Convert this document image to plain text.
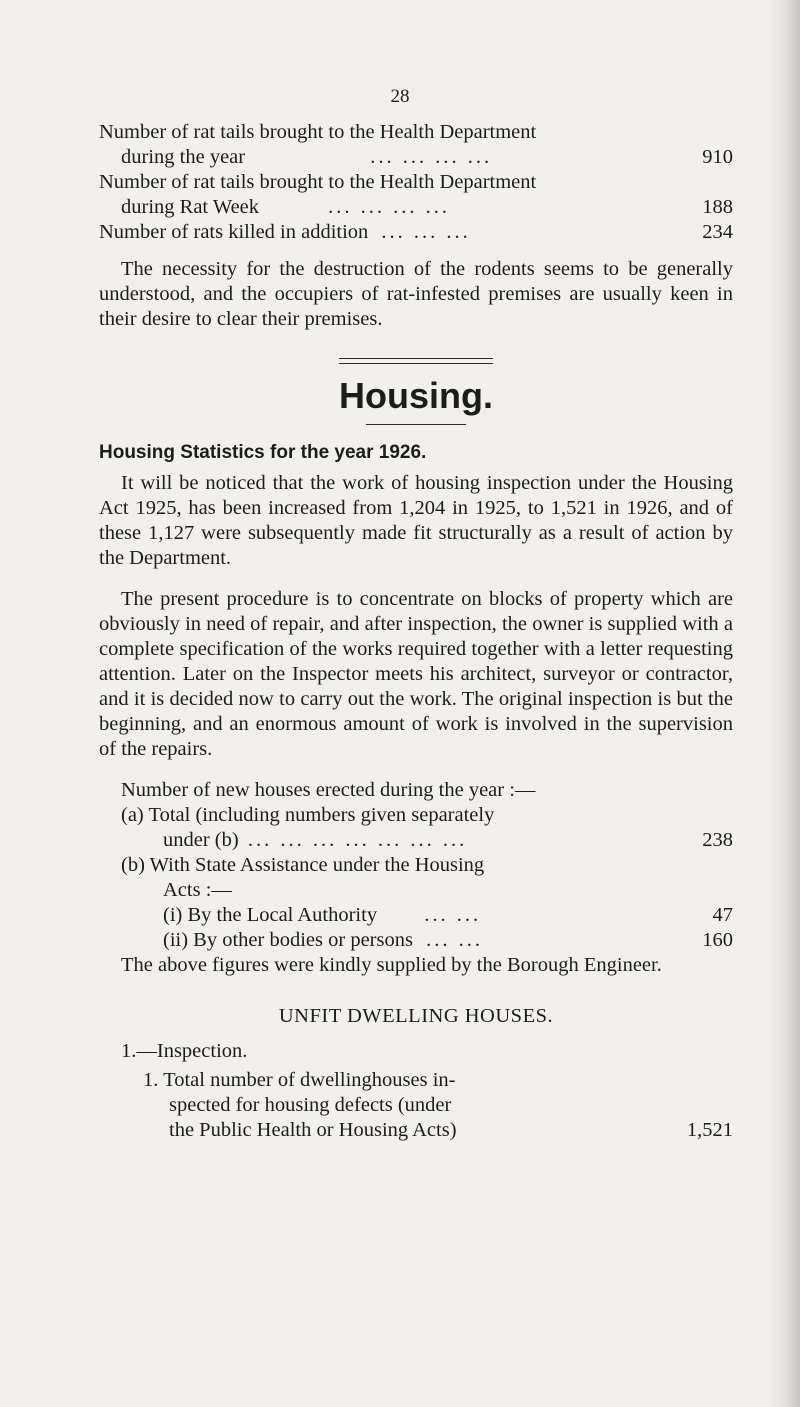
28
Number of rat tails brought to the Health Department
during the year	... ... ... ...	910
Number of rat tails brought to the Health Department
during Rat Week	... ... ... ...	188
Number of rats killed in addition ... ... ...	234

The necessity for the destruction of the rodents seems to be generally understood, and the occupiers of rat-infested premises are usually keen in their desire to clear their premises.

Housing.

Housing Statistics for the year 1926.

It will be noticed that the work of housing inspection under the Housing Act 1925, has been increased from 1,204 in 1925, to 1,521 in 1926, and of these 1,127 were subsequently made fit structurally as a result of action by the Department.

The present procedure is to concentrate on blocks of property which are obviously in need of repair, and after inspection, the owner is supplied with a complete specification of the works required together with a letter requesting attention. Later on the Inspector meets his architect, surveyor or contractor, and it is decided now to carry out the work. The original inspection is but the beginning, and an enormous amount of work is involved in the supervision of the repairs.

Number of new houses erected during the year :—
(a) Total (including numbers given separately
under (b) ... ... ... ... ... ... ...	238
(b) With State Assistance under the Housing
Acts :—
(i) By the Local Authority ... ...	47
(ii) By other bodies or persons ... ...	160

The above figures were kindly supplied by the Borough Engineer.

UNFIT DWELLING HOUSES.
1.—Inspection.
1. Total number of dwellinghouses in-
spected for housing defects (under
the Public Health or Housing Acts)	1,521
